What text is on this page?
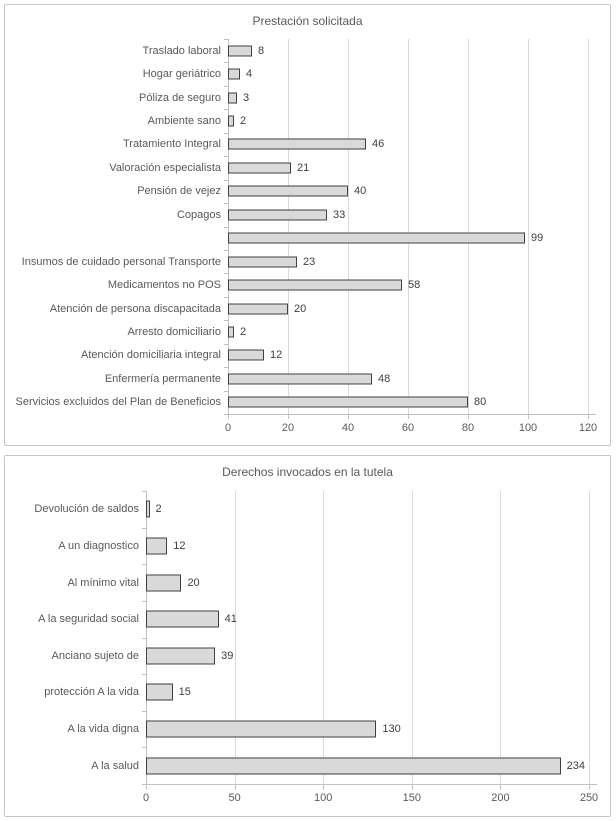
Prestación solicitada
Traslado laboral	8
Hogar geriátrico	4
Póliza de seguro	3
Ambiente sano	2
Tratamiento Integral	46
Valoración especialista	21
Pensión de vejez	40
Copagos	33
99
Insumos de cuidado personal Transporte	23
Medicamentos no POS	58
Atención de persona discapacitada	20
Arresto domiciliario	2
Atención domiciliaria integral	12
Enfermería permanente	48
Servicios excluidos del Plan de Beneficios	80
0	20	40	60	80	100	120
Derechos invocados en la tutela
Devolución de saldos	2
A un diagnostico	12
Al mínimo vital	20
A la seguridad social	41
Anciano sujeto de	39
protección A la vida	15
A la vida digna	130
A la salud	234
0	50	100	150	200	250
